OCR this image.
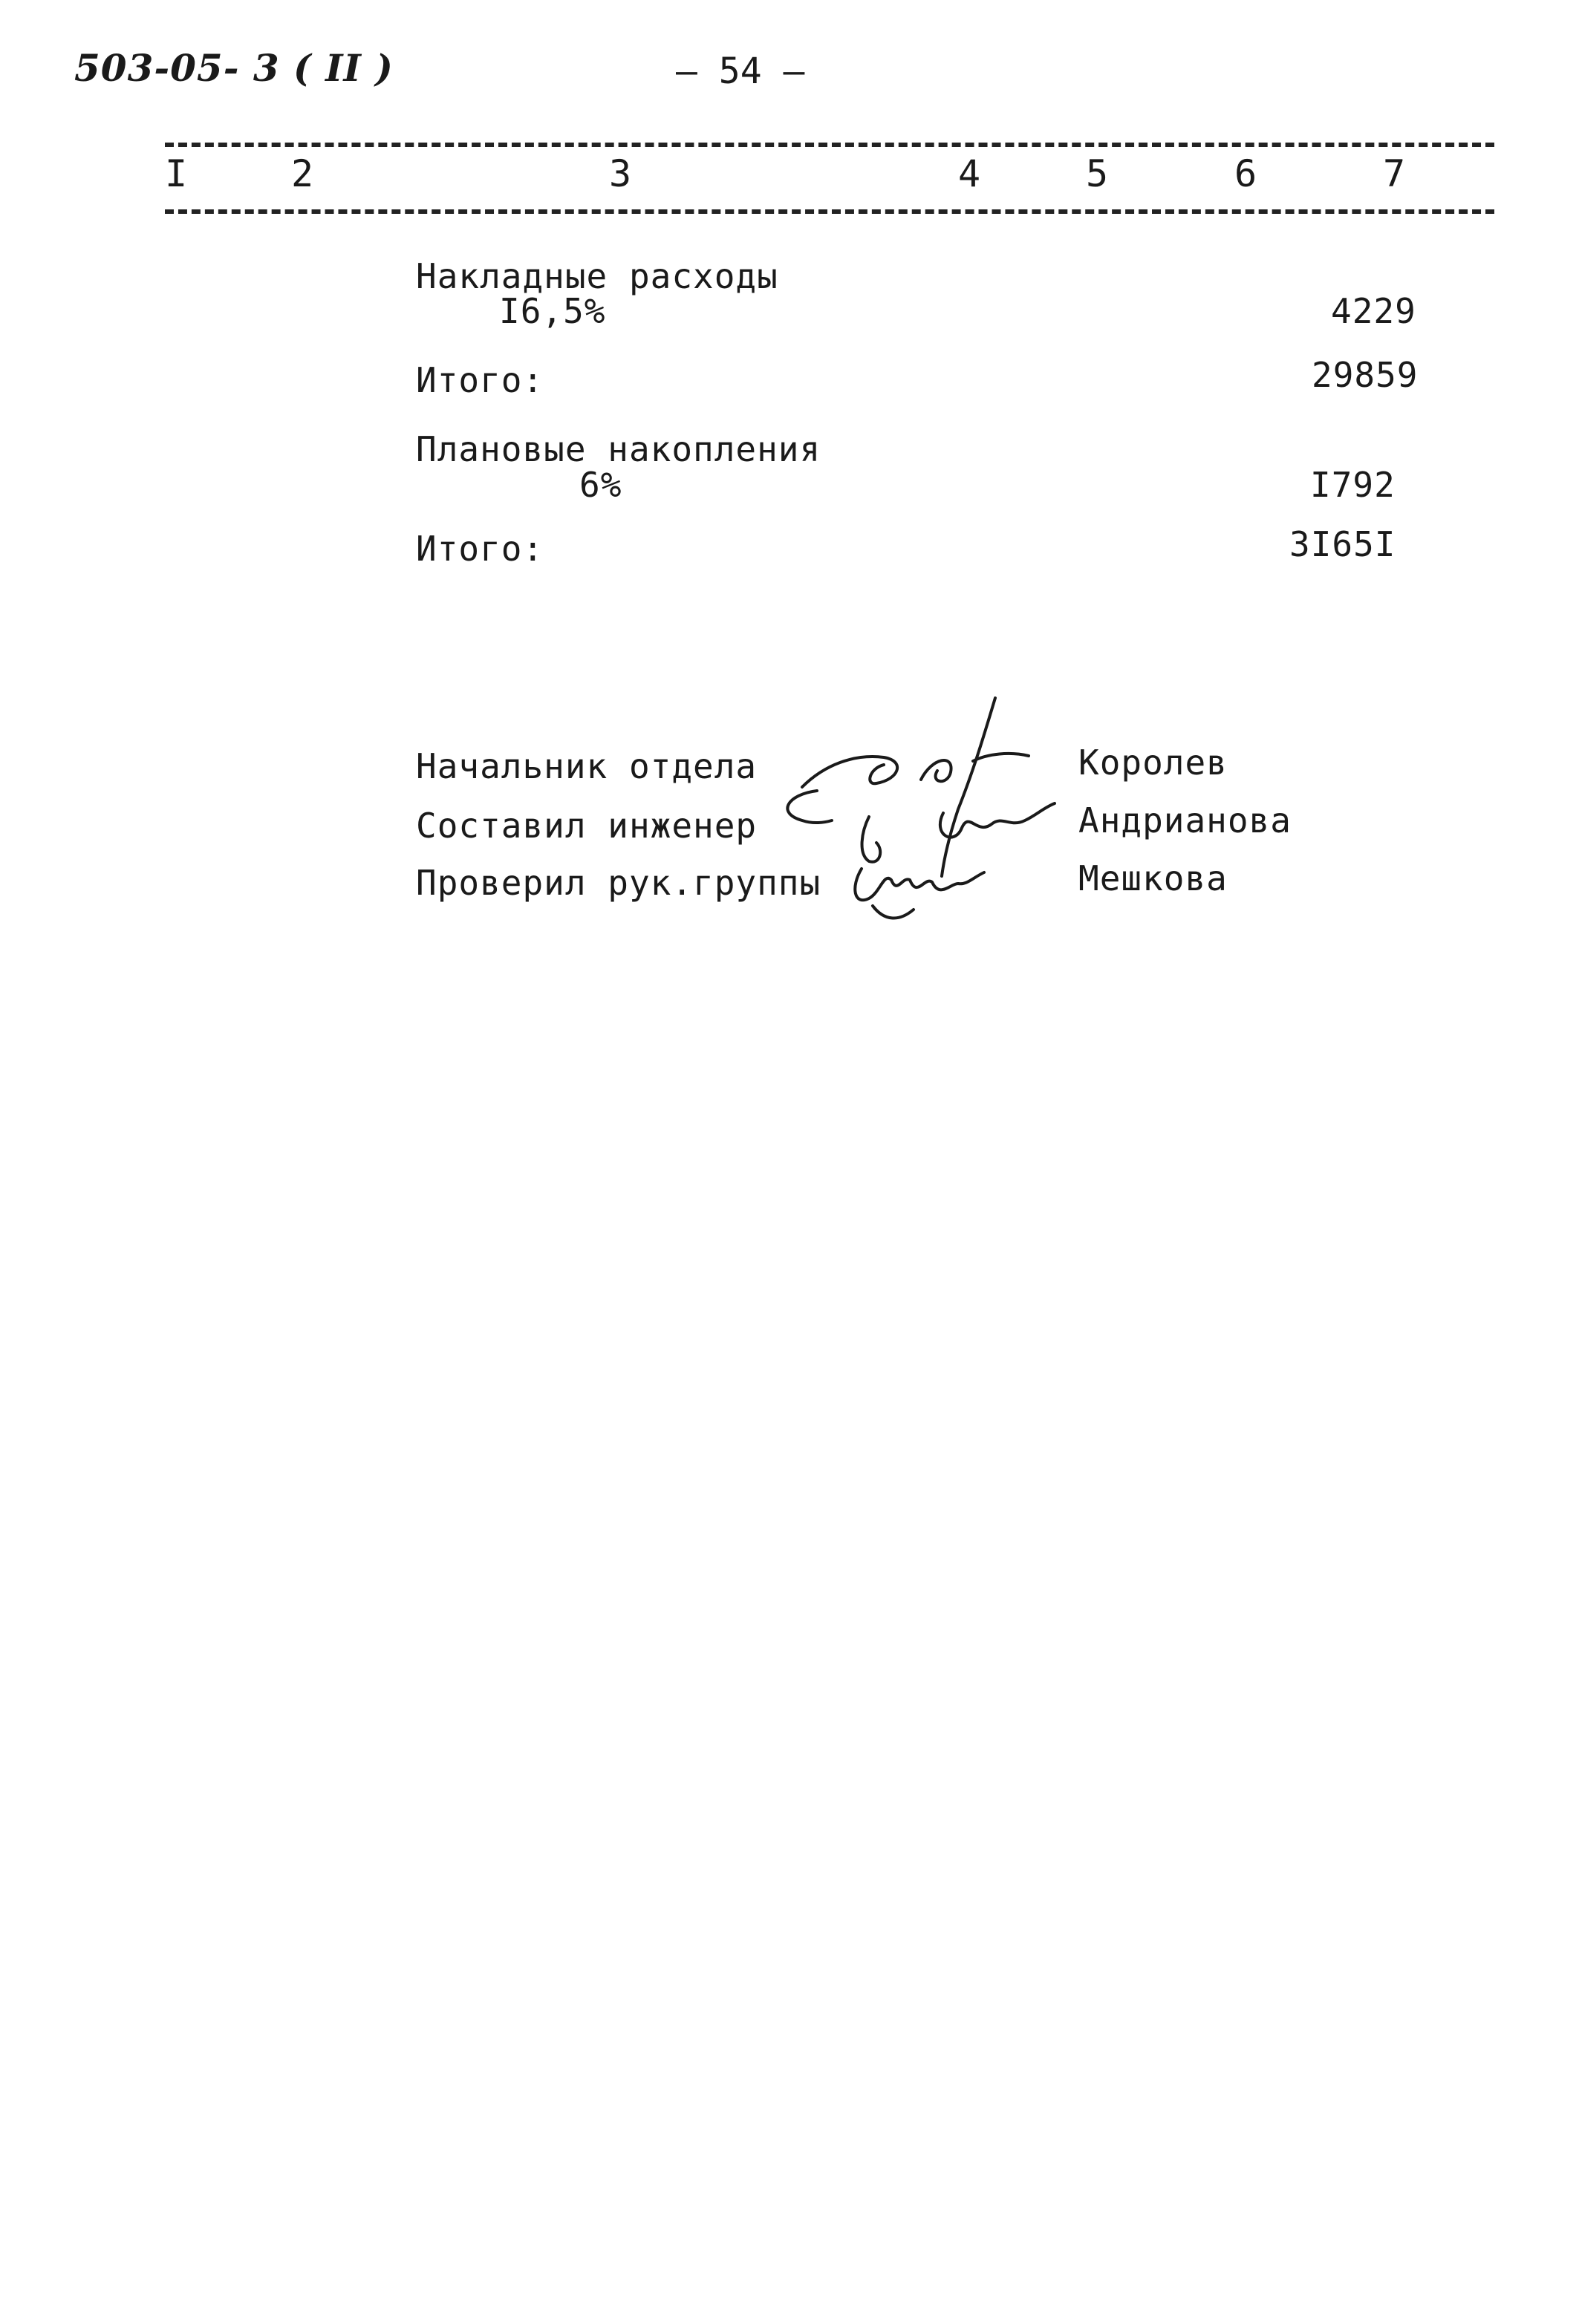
503-05- 3 ( II )	– 54 –
I	2	3	4	5	6	7
Накладные расходы
I6,5%	4229
Итого:	29859
Плановые накопления
6%	I792
Итого:	3I65I
Начальник отдела	Королев
Составил инженер	Андрианова
Проверил рук.группы	Мешкова
